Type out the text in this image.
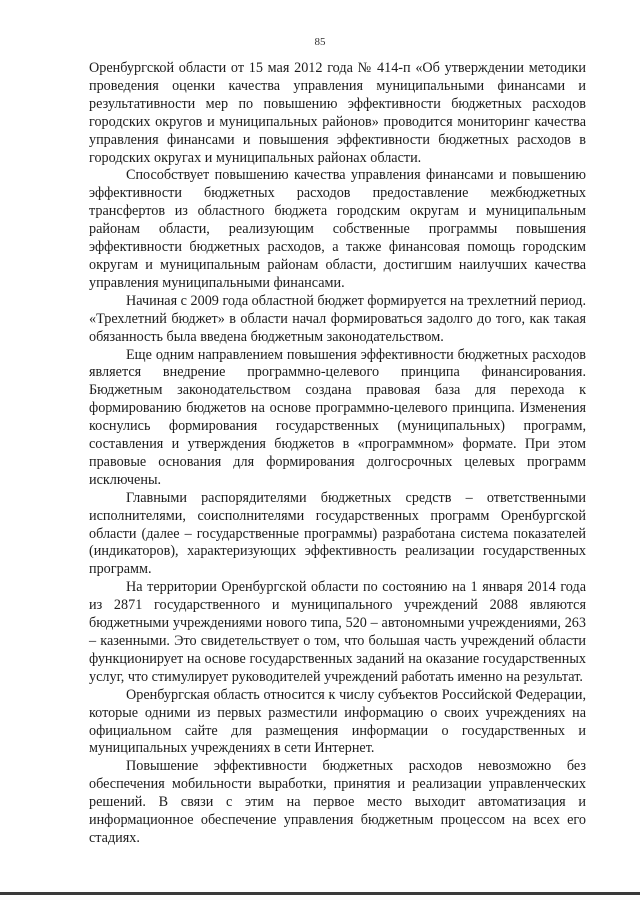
85

Оренбургской области от 15 мая 2012 года № 414-п «Об утверждении методики проведения оценки качества управления муниципальными финансами и результативности мер по повышению эффективности бюджетных расходов городских округов и муниципальных районов» проводится мониторинг качества управления финансами и повышения эффективности бюджетных расходов в городских округах и муниципальных районах области.

Способствует повышению качества управления финансами и повышению эффективности бюджетных расходов предоставление межбюджетных трансфертов из областного бюджета городским округам и муниципальным районам области, реализующим собственные программы повышения эффективности бюджетных расходов, а также финансовая помощь городским округам и муниципальным районам области, достигшим наилучших качества управления муниципальными финансами.

Начиная с 2009 года областной бюджет формируется на трехлетний период. «Трехлетний бюджет» в области начал формироваться задолго до того, как такая обязанность была введена бюджетным законодательством.

Еще одним направлением повышения эффективности бюджетных расходов является внедрение программно-целевого принципа финансирования. Бюджетным законодательством создана правовая база для перехода к формированию бюджетов на основе программно-целевого принципа. Изменения коснулись формирования государственных (муниципальных) программ, составления и утверждения бюджетов в «программном» формате. При этом правовые основания для формирования долгосрочных целевых программ исключены.

Главными распорядителями бюджетных средств – ответственными исполнителями, соисполнителями государственных программ Оренбургской области (далее – государственные программы) разработана система показателей (индикаторов), характеризующих эффективность реализации государственных программ.

На территории Оренбургской области по состоянию на 1 января 2014 года из 2871 государственного и муниципального учреждений 2088 являются бюджетными учреждениями нового типа, 520 – автономными учреждениями, 263 – казенными. Это свидетельствует о том, что большая часть учреждений области функционирует на основе государственных заданий на оказание государственных услуг, что стимулирует руководителей учреждений работать именно на результат.

Оренбургская область относится к числу субъектов Российской Федерации, которые одними из первых разместили информацию о своих учреждениях на официальном сайте для размещения информации о государственных и муниципальных учреждениях в сети Интернет.

Повышение эффективности бюджетных расходов невозможно без обеспечения мобильности выработки, принятия и реализации управленческих решений. В связи с этим на первое место выходит автоматизация и информационное обеспечение управления бюджетным процессом на всех его стадиях.
